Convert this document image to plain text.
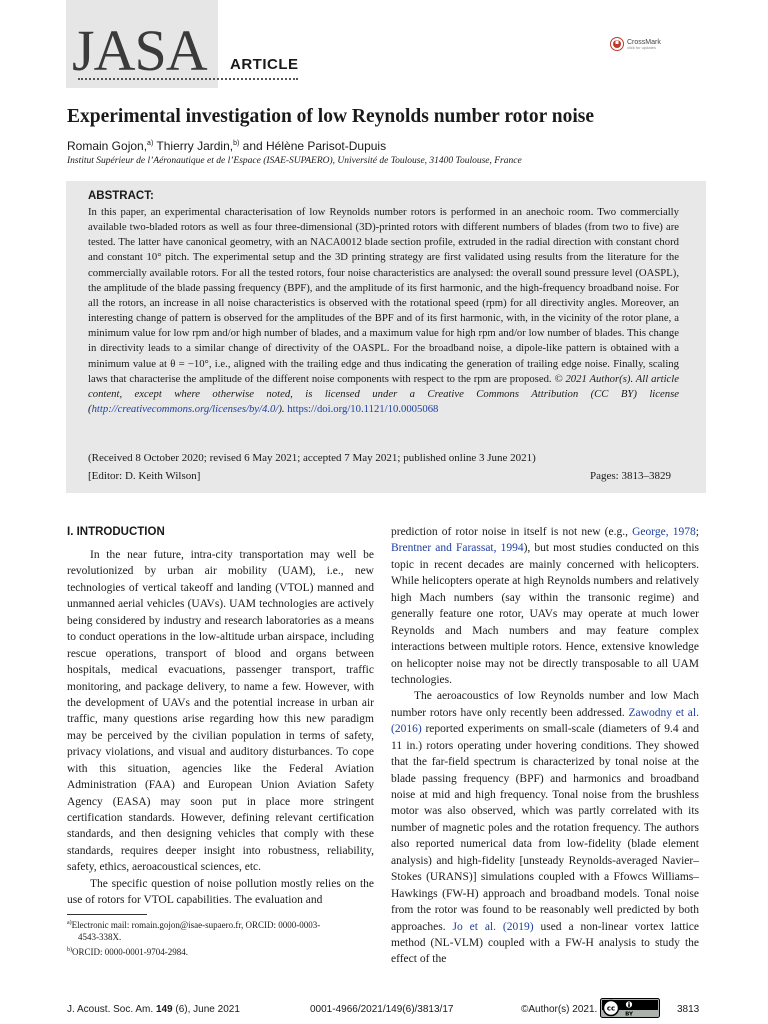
JASA ARTICLE
CrossMark
click for updates
Experimental investigation of low Reynolds number rotor noise
Romain Gojon,$^{a)}$ Thierry Jardin,$^{b)}$ and Hélène Parisot-Dupuis
Institut Supérieur de l’Aéronautique et de l’Espace (ISAE-SUPAERO), Université de Toulouse, 31400 Toulouse, France
ABSTRACT:
In this paper, an experimental characterisation of low Reynolds number rotors is performed in an anechoic room. Two commercially available two-bladed rotors as well as four three-dimensional (3D)-printed rotors with different numbers of blades (from two to five) are tested. The latter have canonical geometry, with an NACA0012 blade section profile, extruded in the radial direction with constant chord and constant 10° pitch. The experimental setup and the 3D printing strategy are first validated using results from the literature for the commercially available rotors. For all the tested rotors, four noise characteristics are analysed: the overall sound pressure level (OASPL), the amplitude of the blade passing frequency (BPF), and the amplitude of its first harmonic, and the high-frequency broadband noise. For all the rotors, an increase in all noise characteristics is observed with the rotational speed (rpm) for all directivity angles. Moreover, an interesting change of pattern is observed for the amplitudes of the BPF and of its first harmonic, with, in the vicinity of the rotor plane, a minimum value for low rpm and/or high number of blades, and a maximum value for high rpm and/or low number of blades. This change in directivity leads to a similar change of directivity of the OASPL. For the broadband noise, a dipole-like pattern is obtained with a minimum value at θ = −10°, i.e., aligned with the trailing edge and thus indicating the generation of trailing edge noise. Finally, scaling laws that characterise the amplitude of the different noise components with respect to the rpm are proposed. © 2021 Author(s). All article content, except where otherwise noted, is licensed under a Creative Commons Attribution (CC BY) license (http://creativecommons.org/licenses/by/4.0/). https://doi.org/10.1121/10.0005068
(Received 8 October 2020; revised 6 May 2021; accepted 7 May 2021; published online 3 June 2021)
[Editor: D. Keith Wilson]	Pages: 3813–3829
I. INTRODUCTION

In the near future, intra-city transportation may well be revolutionized by urban air mobility (UAM), i.e., new technologies of vertical takeoff and landing (VTOL) manned and unmanned aerial vehicles (UAVs). UAM technologies are actively being considered by industry and research laboratories as a means to conduct operations in the low-altitude urban airspace, including rescue operations, transport of blood and organs between hospitals, medical evacuations, passenger transport, traffic monitoring, and package delivery, to name a few. However, with the development of UAVs and the potential increase in urban air traffic, many questions arise regarding how this new paradigm may be perceived by the civilian population in terms of safety, privacy violations, and visual and auditory disturbances. To cope with this situation, agencies like the Federal Aviation Administration (FAA) and European Union Aviation Safety Agency (EASA) may soon put in place more stringent certification standards. However, defining relevant certification standards, and then designing vehicles that comply with these standards, requires deeper insight into robustness, reliability, safety, ethics, aeroacoustical sciences, etc.

The specific question of noise pollution mostly relies on the use of rotors for VTOL capabilities. The evaluation and

prediction of rotor noise in itself is not new (e.g., George, 1978; Brentner and Farassat, 1994), but most studies conducted on this topic in recent decades are mainly concerned with helicopters. While helicopters operate at high Reynolds numbers and relatively high Mach numbers (say within the transonic regime) and generally feature one rotor, UAVs may operate at much lower Reynolds and Mach numbers and may feature complex interactions between multiple rotors. Hence, extensive knowledge on helicopter noise may not be directly transposable to all UAM technologies.

The aeroacoustics of low Reynolds number and low Mach number rotors have only recently been addressed. Zawodny et al. (2016) reported experiments on small-scale (diameters of 9.4 and 11 in.) rotors operating under hovering conditions. They showed that the far-field spectrum is characterized by tonal noise at the blade passing frequency (BPF) and harmonics and broadband noise at mid and high frequency. Tonal noise from the brushless motor was also observed, which was partly correlated with its number of magnetic poles and the rotation frequency. The authors also reported numerical data from low-fidelity (blade element analysis) and high-fidelity [unsteady Reynolds-averaged Navier–Stokes (URANS)] simulations coupled with a Ffowcs Williams–Hawkings (FW-H) approach and broadband models. Tonal noise from the rotor was found to be reasonably well predicted by both approaches. Jo et al. (2019) used a non-linear vortex lattice method (NL-VLM) coupled with a FW-H analysis to study the effect of the

$^{a)}$Electronic mail: romain.gojon@isae-supaero.fr, ORCID: 0000-0003-

4543-338X.

$^{b)}$ORCID: 0000-0001-9704-2984.

J. Acoust. Soc. Am. 149 (6), June 2021	0001-4966/2021/149(6)/3813/17	©Author(s) 2021. cc
BY	3813
